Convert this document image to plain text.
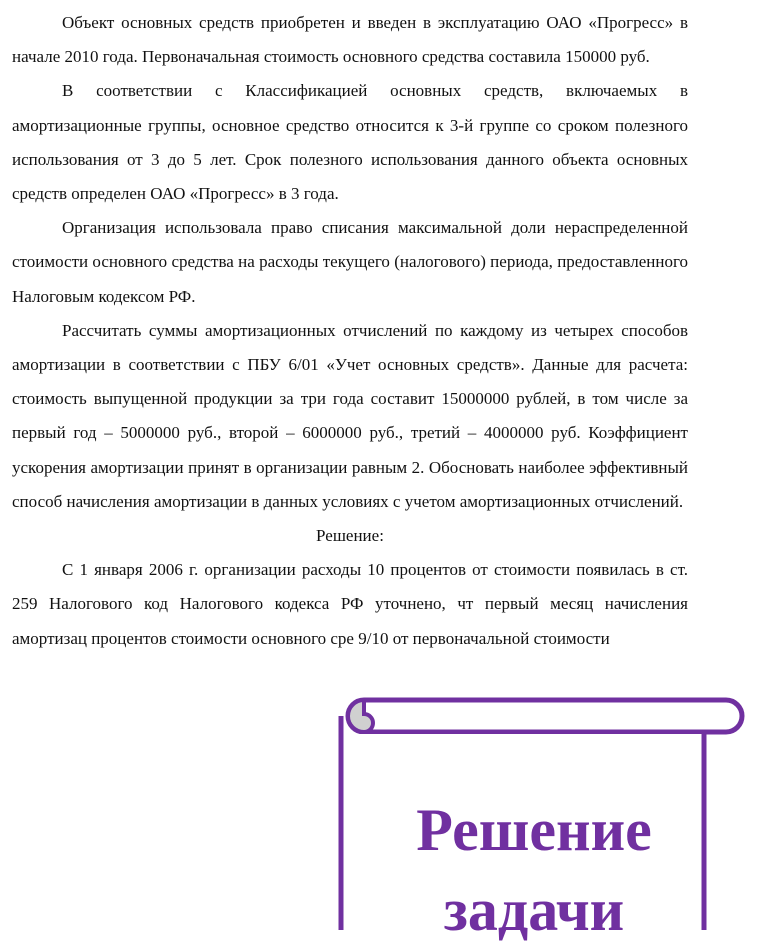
Объект основных средств приобретен и введен в эксплуатацию ОАО «Прогресс» в начале 2010 года. Первоначальная стоимость основного средства составила 150000 руб.

В соответствии с Классификацией основных средств, включаемых в амортизационные группы, основное средство относится к 3-й группе со сроком полезного использования от 3 до 5 лет. Срок полезного использования данного объекта основных средств определен ОАО «Прогресс» в 3 года.

Организация использовала право списания максимальной доли нераспределенной стоимости основного средства на расходы текущего (налогового) периода, предоставленного Налоговым кодексом РФ.

Рассчитать суммы амортизационных отчислений по каждому из четырех способов амортизации в соответствии с ПБУ 6/01 «Учет основных средств». Данные для расчета: стоимость выпущенной продукции за три года составит 15000000 рублей, в том числе за первый год – 5000000 руб., второй – 6000000 руб., третий – 4000000 руб. Коэффициент ускорения амортизации принят в организации равным 2. Обосновать наиболее эффективный способ начисления амортизации в данных условиях с учетом амортизационных отчислений.

Решение:

С 1 января 2006 г. организации расходы 10 процентов от стоимости появилась в ст. 259 Налогового код Налогового кодекса РФ уточнено, чт первый месяц начисления амортизац процентов стоимости основного сре 9/10 от первоначальной стоимости

Решение
задачи
